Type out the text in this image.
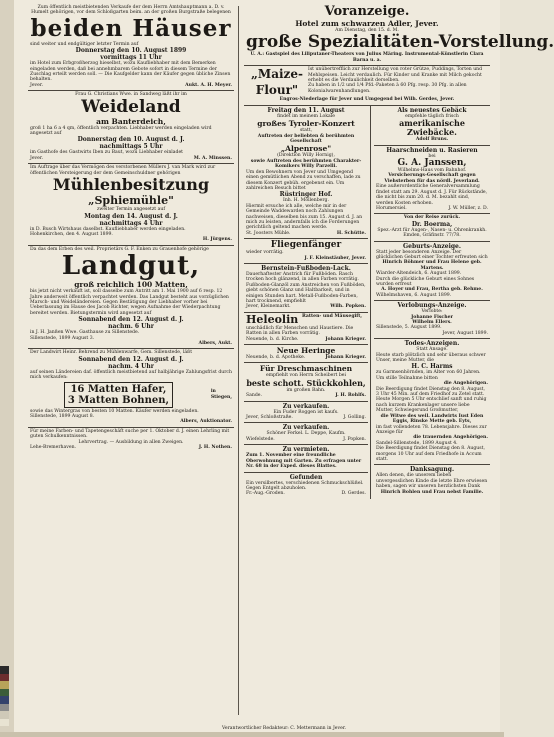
Zum öffentlich meistbietenden Verkaufe der dem Herrn Amtshauptmann a. D. v. Humelt gehörigen, vor dem Schloßgarten beim. an der großen Burgstraße belegenen

beiden Häuser

sind weiter und endgültiger letzter Termin auf

Donnerstag den 10. August 1899

vormittags 11 Uhr

im Hotel zum Erbgroßherzog hieselbst, wozu Kaufliebhaber mit dem Bemerken eingeladen werden, daß bei annehmbarem Gebote sofort in diesem Termine der Zuschlag erteilt werden soll. — Die Kaufgelder kann der Käufer gegen übliche Zinsen behalten.

Jever.	Aukt. A. H. Meyer.

Frau G. Christians Wwe. in Sandweg läßt ihr im

Weideland

am Banterdeich,

groß 1 ha 6 a 4 qm, öffentlich verpachten. Liebhaber werden eingeladen wird angesetzt auf

Donnerstag den 10. August d. J.

nachmittags 5 Uhr

im Gasthofe des Gastwirts Iben zu Baut, wozu Liebhaber einladet

Jever.	M. A. Minssen.

Im Auftrage über das Vermögen des verstorbenen Müllers J. van Mark wird zur öffentlichen Versteigerung der dem Gemeinschuldner gehörigen

Mühlenbesitzung

„Sphiemühle"

zweiter Termin angesetzt auf

Montag den 14. August d. J.

nachmittags 4 Uhr

in D. Busch Wirtshaus daselbst. Kaufliebhaber werden eingeladen.

Hohenkirchen, den 4. August 1899.

H. Jürgens.

Da das dem Erben des weil. Proprietärs G. F. Enken zu Grauenhofe gehörige

Landgut,

groß reichlich 100 Matten,

bis jetzt nicht verkauft ist, soll dasselbe zum Antritt am 1. Mai 1900 auf 6 resp. 12 Jahre anderweit öffentlich verpachtet werden. Das Landgut besteht aus vorzüglichen Marsch- und Weideländereien. Gegen Bestätigung der Liebhaber vorher bei Ueberlassung im Hause des Jacob Richter, wegen Aufnahme der Wiederpachtung bereitet werden. Bietungstermin wird angesetzt auf

Sonnabend den 12. August d. J.

nachm. 6 Uhr

in J. H. Janßen Wwe. Gasthause zu Sillenstede.

Sillenstede, 1899 August 3.

Albers, Aukt.

Der Landwirt Heinr. Behrend zu Mühlenwarfe, Gem. Sillenstede, läßt

Sonnabend den 12. August d. J.

nachm. 4 Uhr

auf seinen Ländereien daf. öffentlich meistbietend auf halbjährige Zahlungsfrist durch mich verkaufen:

16 Matten Hafer,

3 Matten Bohnen,

in

Stiegen,

sowie das Wintergras von besten 10 Matten. Käufer werden eingeladen.

Sillenstede, 1899 August 8.

Albers, Auktionator.

Für meine Farben- und Tapetengeschäft suche per 1. Oktober d. J. einen Lehrling mit guten Schulkenntnissen.

Lehrvertrag. — Ausbildung in allen Zweigen.

Lehe-Bremerhaven.	J. H. Nothen.

Voranzeige.

Hotel zum schwarzen Adler, Jever.

Am Dienstag, den 15. d. M.

große Spezialitäten-Vorstellung.

U. A.: Gastspiel des Liliputaner-Theaters von Julius Märing. Instrumental-Künstlerin Clara Barna u. a.

„Maize-	Ist unübertrefflich zur Herstellung von roter Grütze, Puddings, Torten und Mehlspeisen. Leicht verdaulich. Für Kinder und Kranke mit Milch gekocht erhebt es die Verdaulichkeit derselben.

Flour"	Zu haben in 1/2 und 1/4 Pfd.-Paketen à 60 Pfg. resp. 30 Pfg. in allen Kolonialwarenhandlungen.

Engros-Niederlage für Jever und Umgegend bei Wilh. Gerdes, Jever.

Freitag den 11. August

findet im meinem Lokale

großes Tyroler-Konzert

statt,

Auftreten der beliebten & berühmten Gesellschaft

„Alpenrose"

(Direktion Willy Hornig),

sowie Auftreten des berühmten Charakter-Komikers Willy Parzelli.

Um den Bewohnern von Jever und Umgegend einen gemütlichen Abend zu verschaffen, lade zu diesem Konzert gebüh. ergebenst ein. Um zahlreichen Besuch bittet

Rüstringer Hof.

Inh. H. Möllenberg.

Hiermit ersuche ich alle, welche mir in der Gemeinde Waddewarden noch Zahlungen nachweisen, dieselben bis zum 15. August d. J. an mich zu leisten, andernfalls ich die Forderungen gerichtlich geltend machen werde.

St. Joosters Mühle.	H. Schütte.

Fliegenfänger

wieder vorrätig.

J. F. Kleinstäuber, Jever.

Bernstein-Fußboden-Lack.

Dauerhaftester Anstrich für Fußböden. Rasch trocken hoch glänzend, in allen Farben vorrätig.

Fußboden-Glanzöl zum Anstreichen von Fußböden, giebt schönen Glanz und Haltbarkeit, und in einigen Stunden hart. Metall-Fußboden-Farben, hart trocknend, empfiehlt

Jever, Kleinemarkt.	Wilh. Popken.

Heleolin Ratten- und Mäusegift,

unschädlich für Menschen und Haustiere. Die Ratten in allen Farben vorrätig.

Neuende, b. d. Kirche.	Johann Krieger.

Neue Heringe

Neuende, b. d. Apotheke.	Johann Krieger.

Für Dreschmaschinen

empfiehlt von Herrn Scheibert bei

beste schott. Stückkohlen,

im großen Bahn.

Sande.	J. H. Rohlfs.

Zu verkaufen.

Ein Fuder Roggen ist kaufs.

Jever, Schloßstraße.	J. Golling.

Zu verkaufen.

Schöner Ferkel. L. Deppe, Kaufm.

Wiefelstede.	J. Popken.

Zu vermieten.

Zum 1. November eine freundliche Oberwohnung mit Garten. Zu erfragen unter Nr. 68 in der Exped. dieses Blattes.

Gefunden

Ein versilbertes, verschiedenen Schmuckschlüßel. Gegen Entgelt abzuholen.

Fr.-Aug.-Groden.	D. Gerdes.

Als neuestes Gebäck

empfehle täglich frisch

amerikanische Zwiebäcke.

Adolf Bruns.

Haarschneiden u. Rasieren

bei

G. A. Janssen,

Wilhelms-Haus vom Bahnhof.

Versicherungs-Gesellschaft gegen Viehsterben für das nördl. Jeverland.

Eine außerordentliche Generalversammlung findet statt am 29. August d. J. Für Rückstände, die nicht bis zum 20. d. M. bezahlt sind, werden Kosten erhoben.

Horumersiel.	J. W. Müller, z. D.

Von der Reise zurück.

Dr. Boerma,

Spez.-Arzt für Augen-, Nasen- u. Ohrenkrankh.

Emden, Gräfinstr. 77/78.

Geburts-Anzeige.

Statt jeder besonderen Anzeige. Der glücklichen Geburt einer Tochter erfreuten sich

Hinrich Böhmer und Frau Helene geb. Martens.

Wiarder-Altendeich, 6. August 1899.

Durch die glückliche Geburt eines Sohnes wurden erfreut

A. Hoyer und Frau, Bertha geb. Rehme.

Wilhelmshaven, 6. August 1899.

Verlobungs-Anzeige.

Verlobte:

Johanne Fischer

Wilhelm Ellers.

Sillenstede, 5. August 1899.

Jever, August 1899.

Todes-Anzeigen.

Statt Ansage.

Heute starb plötzlich und sehr überaus schwer Unser, meine Mutter, die

H. C. Harms

zu Garmsenhörnden, im Alter von 60 Jahren. Um stille Teilnahme bitten

die Angehörigen.

Die Beerdigung findet Dienstag den 8. August, 3 Uhr 45 Min. auf dem Friedhof zu Zetel statt.

Heute Morgen 5 Uhr entschlief sanft und ruhig nach kurzem Krankenlager unsere liebe Mutter, Schwiegerund Großmutter,

die Witwe des weil. Landwirts Iust Eden Eggis, Rinske Mette geb. Eyts,

im fast vollendeten 78. Lebensjahre. Dieses zur Anzeige für

die trauernden Angehörigen.

Sandel-Sillenstede, 1899 August 4.

Die Beerdigung findet Dienstag den 8. August, morgens 10 Uhr auf dem Friedhofe in Accum statt.

Danksagung.

Allen denen, die unserem lieben unvergesslichen Kinde die letzte Ehre erwiesen haben, sagen wir unseren herzlichsten Dank

Hinrich Bohlen und Frau nebst Familie.

Verantwortlicher Redakteur: C. Mettermann in Jever.
